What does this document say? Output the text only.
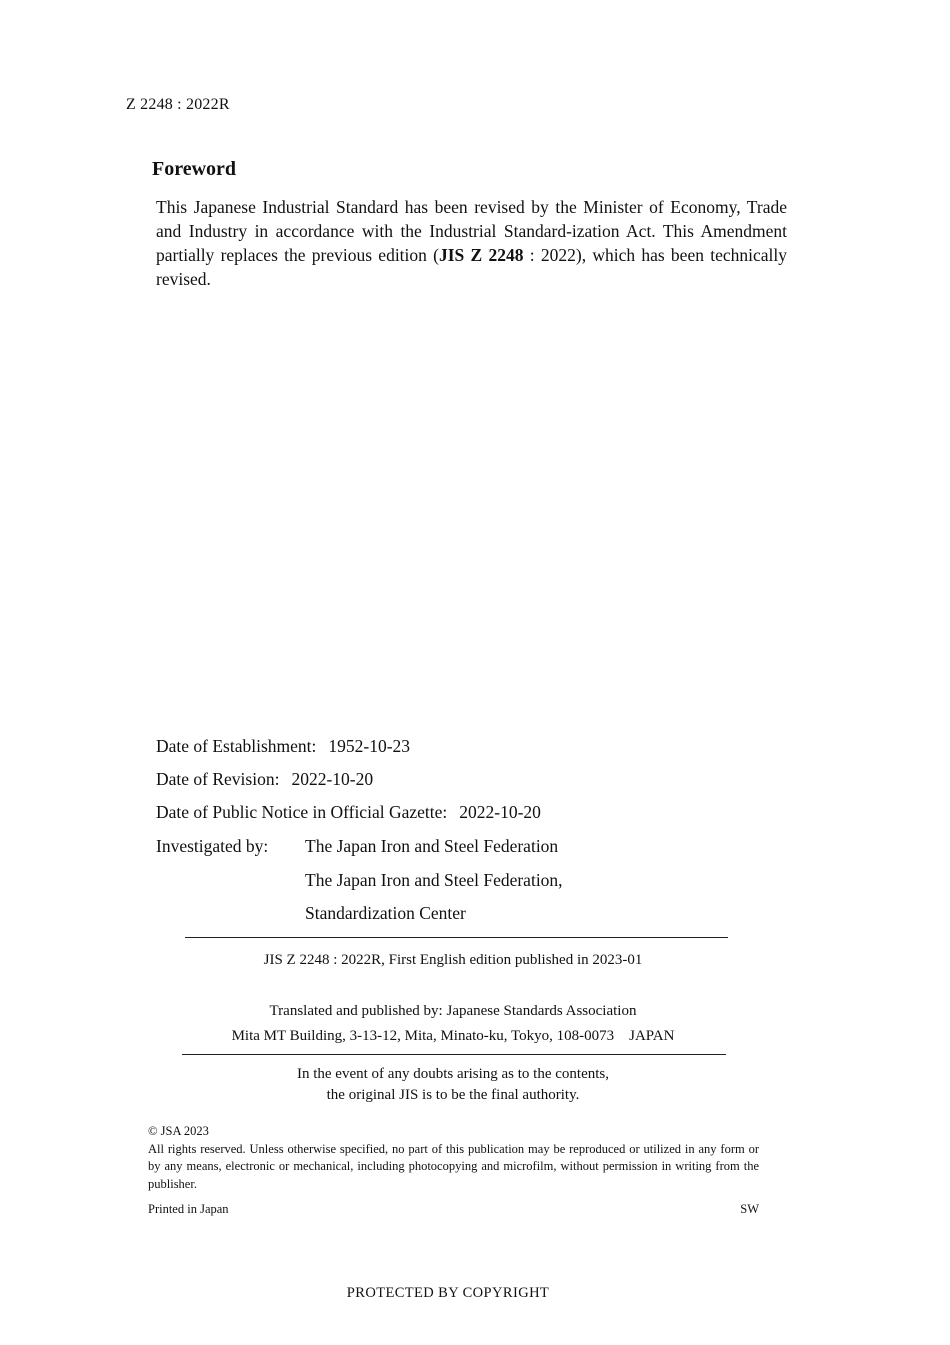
Z 2248 : 2022R
Foreword
This Japanese Industrial Standard has been revised by the Minister of Economy, Trade and Industry in accordance with the Industrial Standard-ization Act. This Amendment partially replaces the previous edition (JIS Z 2248 : 2022), which has been technically revised.
Date of Establishment: 1952-10-23
Date of Revision: 2022-10-20
Date of Public Notice in Official Gazette: 2022-10-20
Investigated by: The Japan Iron and Steel Federation
The Japan Iron and Steel Federation,
Standardization Center
JIS Z 2248 : 2022R, First English edition published in 2023-01
Translated and published by: Japanese Standards Association
Mita MT Building, 3-13-12, Mita, Minato-ku, Tokyo, 108-0073　JAPAN
In the event of any doubts arising as to the contents,
the original JIS is to be the final authority.
© JSA 2023
All rights reserved. Unless otherwise specified, no part of this publication may be reproduced or utilized in any form or by any means, electronic or mechanical, including photocopying and microfilm, without permission in writing from the publisher.
Printed in Japan	SW
PROTECTED BY COPYRIGHT
